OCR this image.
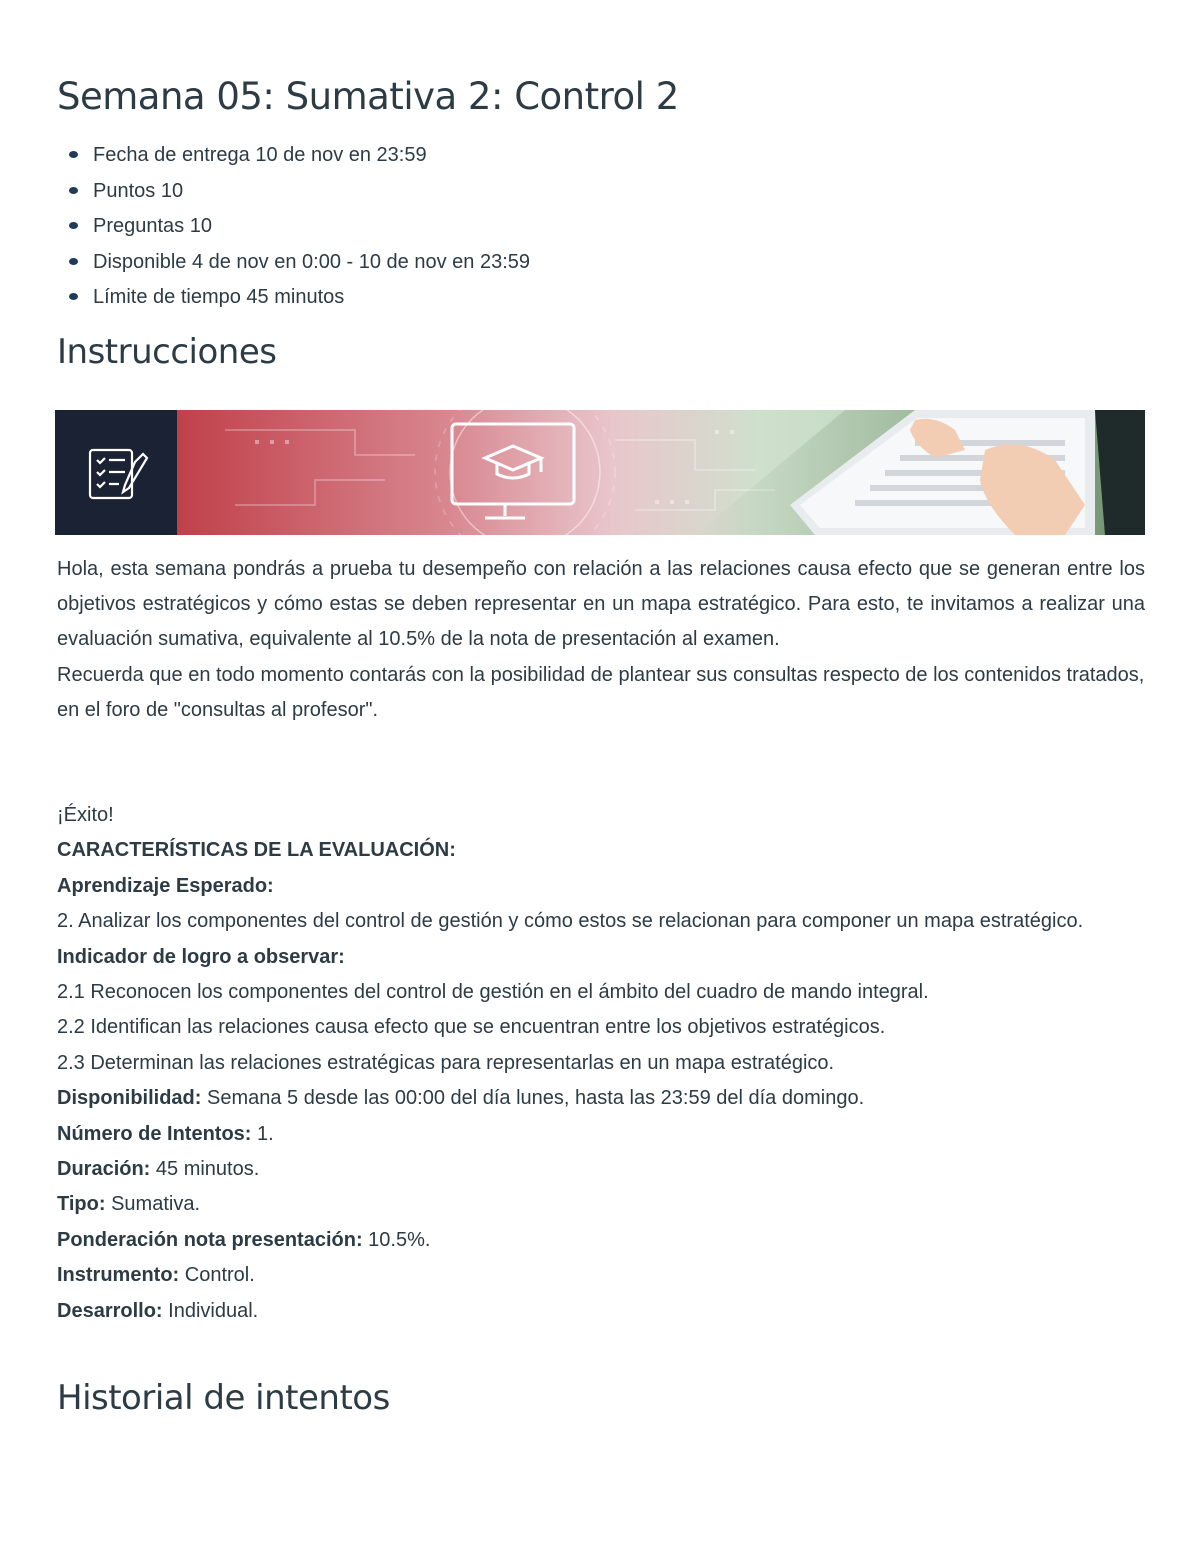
Semana 05: Sumativa 2: Control 2
Fecha de entrega 10 de nov en 23:59
Puntos 10
Preguntas 10
Disponible 4 de nov en 0:00 - 10 de nov en 23:59
Límite de tiempo 45 minutos
Instrucciones

Hola, esta semana pondrás a prueba tu desempeño con relación a las relaciones causa efecto que se generan entre los objetivos estratégicos y cómo estas se deben representar en un mapa estratégico. Para esto, te invitamos a realizar una evaluación sumativa, equivalente al 10.5% de la nota de presentación al examen.

Recuerda que en todo momento contarás con la posibilidad de plantear sus consultas respecto de los contenidos tratados, en el foro de "consultas al profesor".

¡Éxito!
CARACTERÍSTICAS DE LA EVALUACIÓN:
Aprendizaje Esperado:
2. Analizar los componentes del control de gestión y cómo estos se relacionan para componer un mapa estratégico.
Indicador de logro a observar:
2.1 Reconocen los componentes del control de gestión en el ámbito del cuadro de mando integral.
2.2 Identifican las relaciones causa efecto que se encuentran entre los objetivos estratégicos.
2.3 Determinan las relaciones estratégicas para representarlas en un mapa estratégico.
Disponibilidad: Semana 5 desde las 00:00 del día lunes, hasta las 23:59 del día domingo.
Número de Intentos: 1.
Duración: 45 minutos.
Tipo: Sumativa.
Ponderación nota presentación: 10.5%.
Instrumento: Control.
Desarrollo: Individual.
Historial de intentos
